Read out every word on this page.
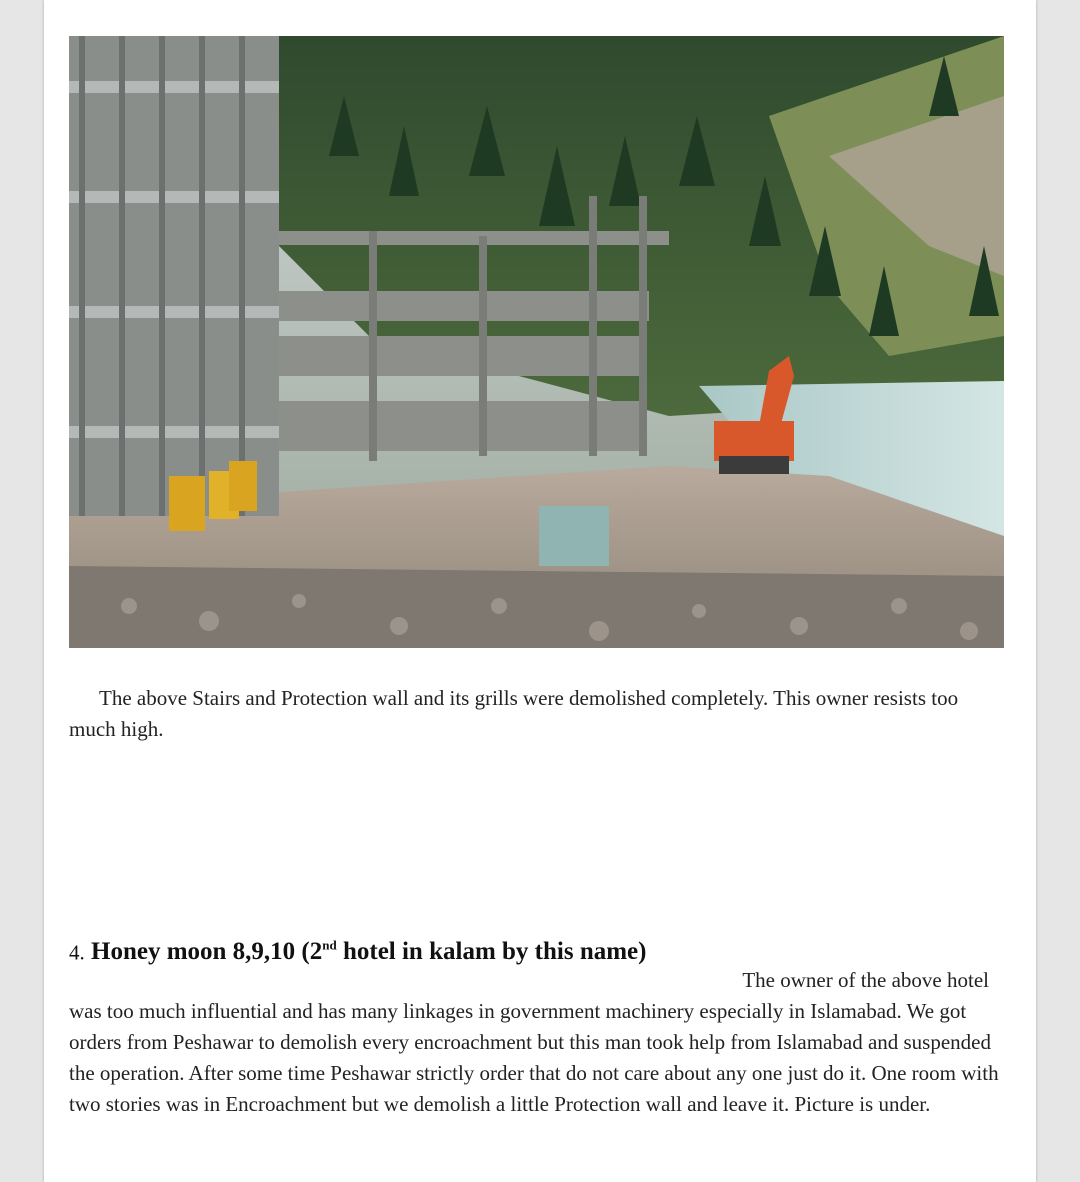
The above Stairs and Protection wall and its grills were demolished completely. This owner resists too much high.

4. Honey moon 8,9,10 (2nd hotel in kalam by this name)

The owner of the above hotel
was too much influential and has many linkages in government machinery especially in Islamabad. We got orders from Peshawar to demolish every encroachment but this man took help from Islamabad and suspended the operation. After some time Peshawar strictly order that do not care about any one just do it. One room with two stories was in Encroachment but we demolish a little Protection wall and leave it. Picture is under.
